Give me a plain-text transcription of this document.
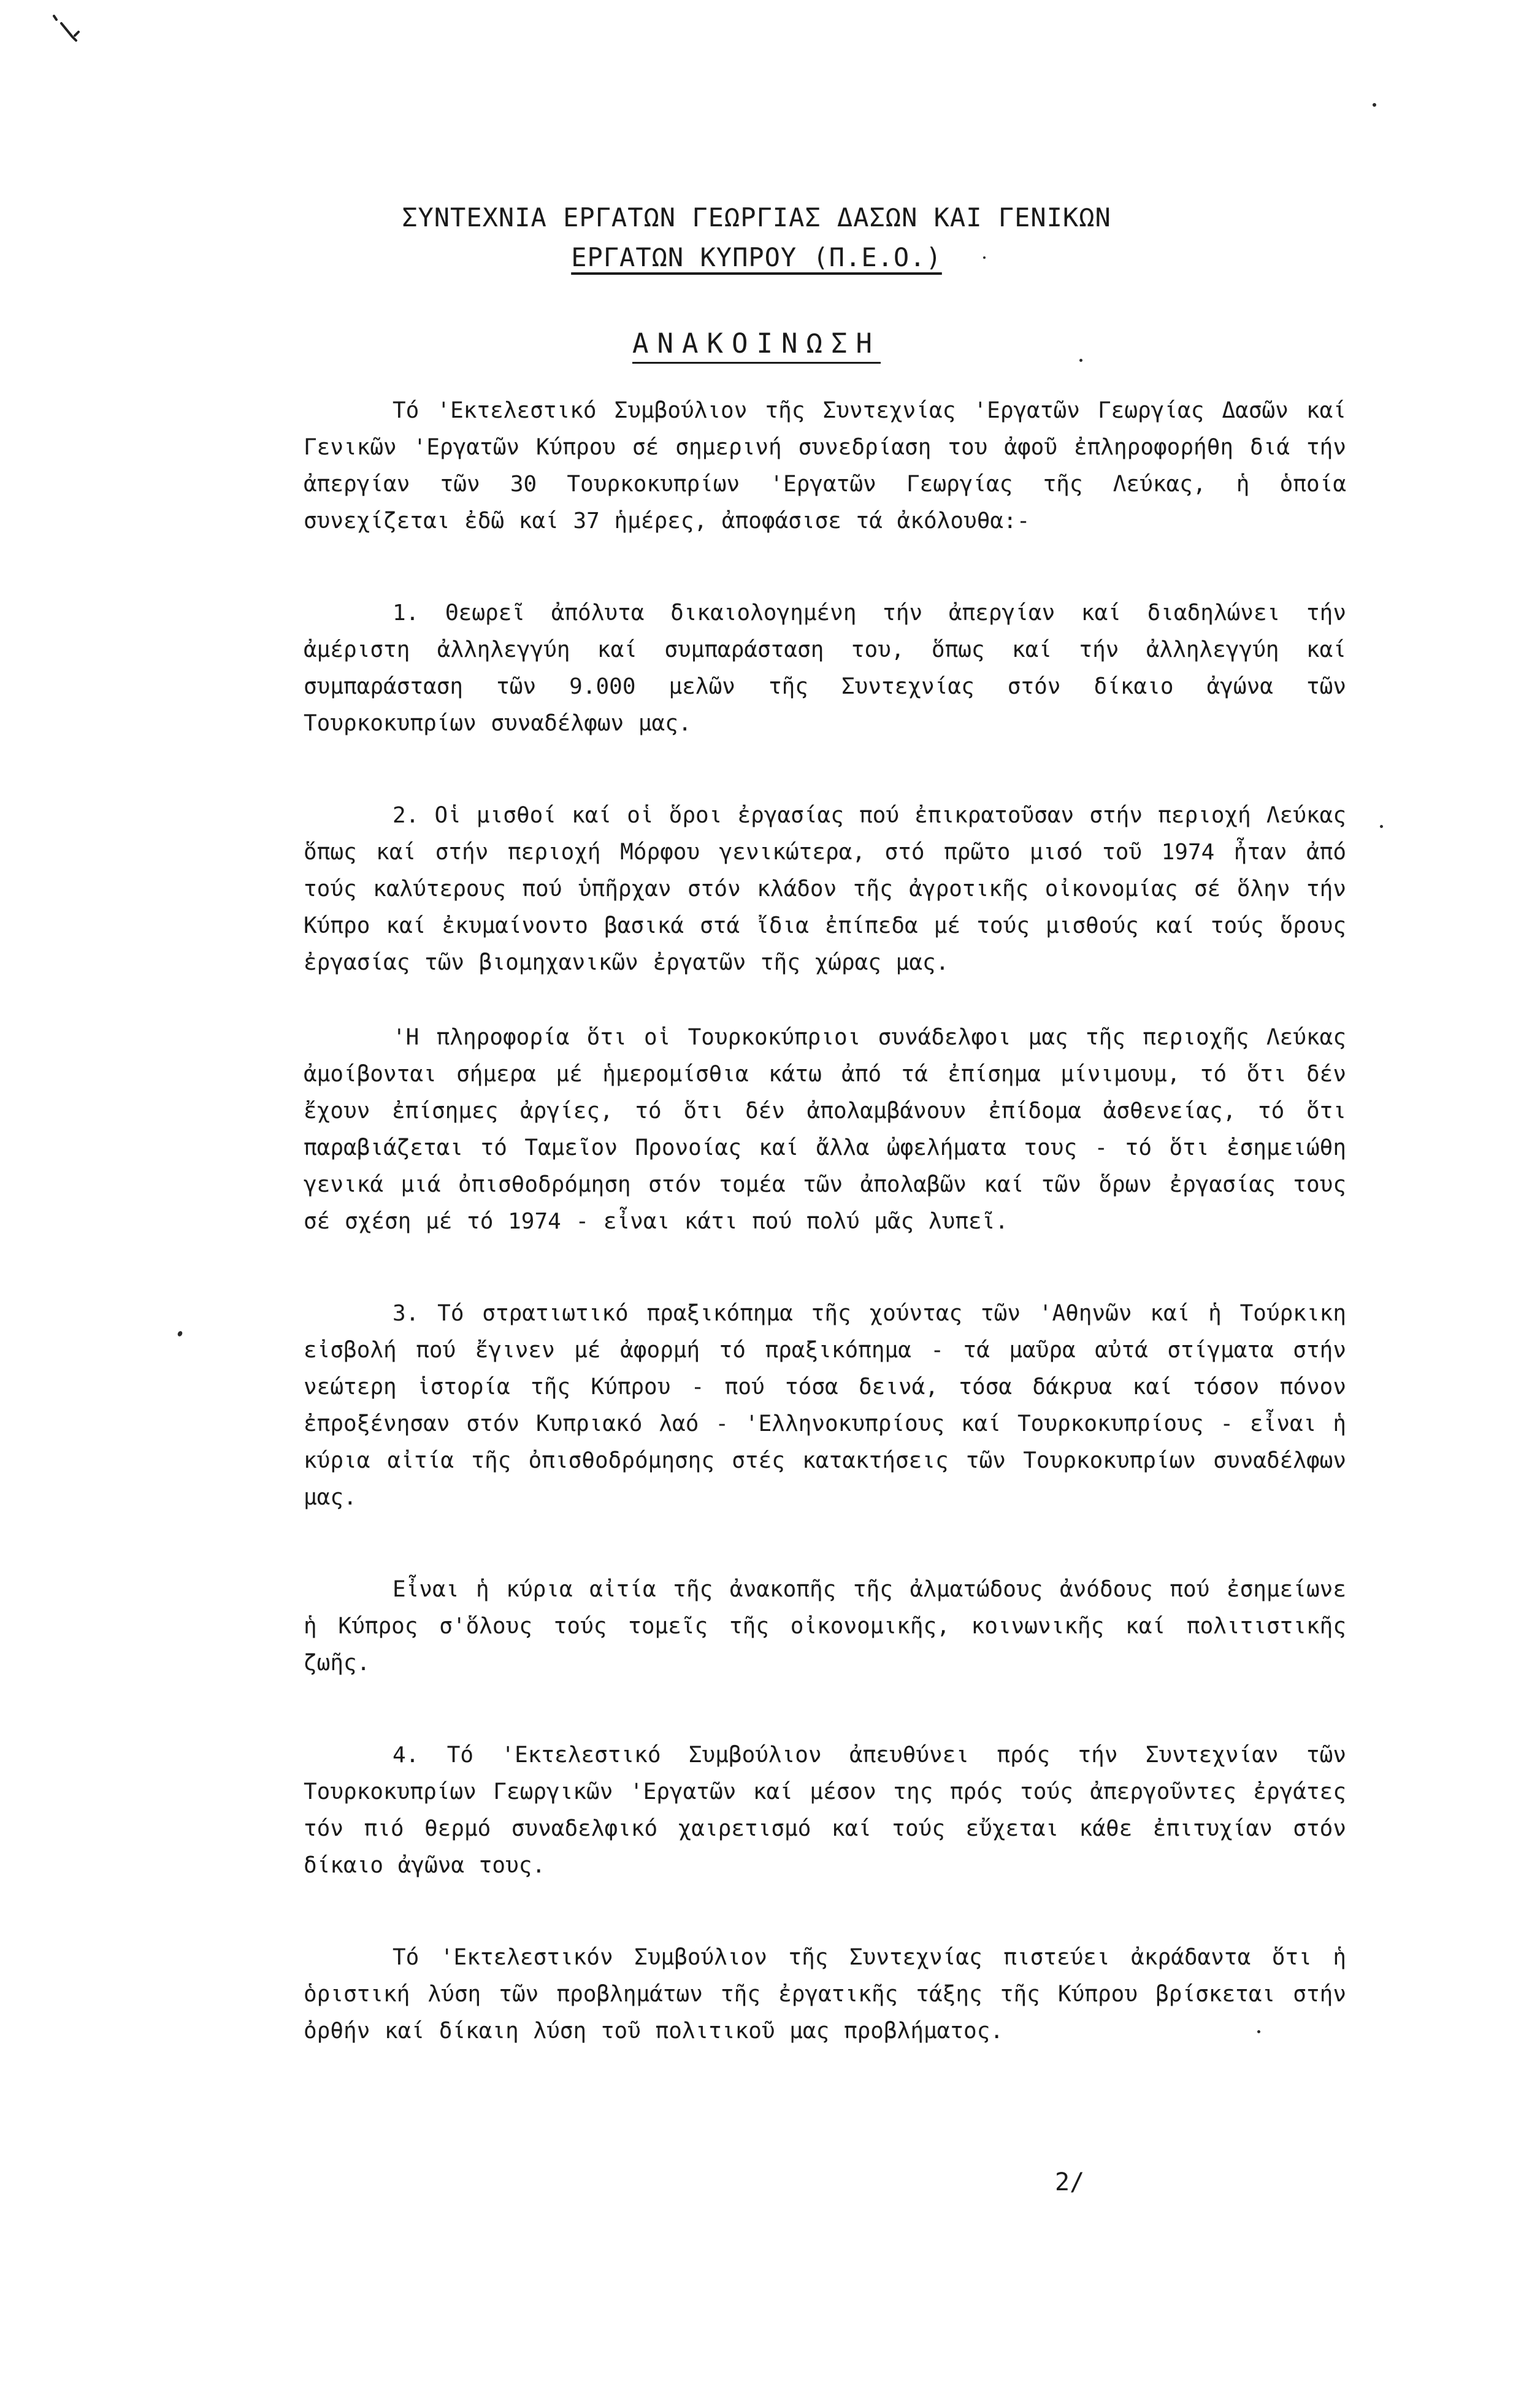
ΣΥΝΤΕΧΝΙΑ ΕΡΓΑΤΩΝ ΓΕΩΡΓΙΑΣ ΔΑΣΩΝ ΚΑΙ ΓΕΝΙΚΩΝ
ΕΡΓΑΤΩΝ ΚΥΠΡΟΥ (Π.Ε.Ο.)
ΑΝΑΚΟΙΝΩΣΗ

Τό 'Εκτελεστικό Συμβούλιον τῆς Συντεχνίας 'Εργατῶν Γεωργίας Δασῶν καί Γενικῶν 'Εργατῶν Κύπρου σέ σημερινή συνεδρίαση του ἀφοῦ ἐπληροφορήθη διά τήν ἀπεργίαν τῶν 30 Τουρκοκυπρίων 'Εργατῶν Γεωργίας τῆς Λεύκας, ἡ ὁποία συνεχίζεται ἐδῶ καί 37 ἡμέρες, ἀποφάσισε τά ἀκόλουθα:-

1. Θεωρεῖ ἀπόλυτα δικαιολογημένη τήν ἀπεργίαν καί διαδηλώνει τήν ἀμέριστη ἀλληλεγγύη καί συμπαράσταση του, ὅπως καί τήν ἀλληλεγγύη καί συμπαράσταση τῶν 9.000 μελῶν τῆς Συντεχνίας στόν δίκαιο ἀγώνα τῶν Τουρκοκυπρίων συναδέλφων μας.

2. Οἱ μισθοί καί οἱ ὅροι ἐργασίας πού ἐπικρατοῦσαν στήν περιοχή Λεύκας ὅπως καί στήν περιοχή Μόρφου γενικώτερα, στό πρῶτο μισό τοῦ 1974 ἦταν ἀπό τούς καλύτερους πού ὑπῆρχαν στόν κλάδον τῆς ἀγροτικῆς οἰκονομίας σέ ὅλην τήν Κύπρο καί ἐκυμαίνοντο βασικά στά ἴδια ἐπίπεδα μέ τούς μισθούς καί τούς ὅρους ἐργασίας τῶν βιομηχανικῶν ἐργατῶν τῆς χώρας μας.

'Η πληροφορία ὅτι οἱ Τουρκοκύπριοι συνάδελφοι μας τῆς περιοχῆς Λεύκας ἀμοίβονται σήμερα μέ ἡμερομίσθια κάτω ἀπό τά ἐπίσημα μίνιμουμ, τό ὅτι δέν ἔχουν ἐπίσημες ἀργίες, τό ὅτι δέν ἀπολαμβάνουν ἐπίδομα ἀσθενείας, τό ὅτι παραβιάζεται τό Ταμεῖον Προνοίας καί ἄλλα ὠφελήματα τους - τό ὅτι ἐσημειώθη γενικά μιά ὀπισθοδρόμηση στόν τομέα τῶν ἀπολαβῶν καί τῶν ὅρων ἐργασίας τους σέ σχέση μέ τό 1974 - εἶναι κάτι πού πολύ μᾶς λυπεῖ.

3. Τό στρατιωτικό πραξικόπημα τῆς χούντας τῶν 'Αθηνῶν καί ἡ Τούρκικη εἰσβολή πού ἔγινεν μέ ἀφορμή τό πραξικόπημα - τά μαῦρα αὐτά στίγματα στήν νεώτερη ἱστορία τῆς Κύπρου - πού τόσα δεινά, τόσα δάκρυα καί τόσον πόνον ἐπροξένησαν στόν Κυπριακό λαό - 'Ελληνοκυπρίους καί Τουρκοκυπρίους - εἶναι ἡ κύρια αἰτία τῆς ὀπισθοδρόμησης στές κατακτήσεις τῶν Τουρκοκυπρίων συναδέλφων μας.

Εἶναι ἡ κύρια αἰτία τῆς ἀνακοπῆς τῆς ἀλματώδους ἀνόδους πού ἐσημείωνε ἡ Κύπρος σ'ὅλους τούς τομεῖς τῆς οἰκονομικῆς, κοινωνικῆς καί πολιτιστικῆς ζωῆς.

4. Τό 'Εκτελεστικό Συμβούλιον ἀπευθύνει πρός τήν Συντεχνίαν τῶν Τουρκοκυπρίων Γεωργικῶν 'Εργατῶν καί μέσον της πρός τούς ἀπεργοῦντες ἐργάτες τόν πιό θερμό συναδελφικό χαιρετισμό καί τούς εὔχεται κάθε ἐπιτυχίαν στόν δίκαιο ἀγῶνα τους.

Τό 'Εκτελεστικόν Συμβούλιον τῆς Συντεχνίας πιστεύει ἀκράδαντα ὅτι ἡ ὁριστική λύση τῶν προβλημάτων τῆς ἐργατικῆς τάξης τῆς Κύπρου βρίσκεται στήν ὀρθήν καί δίκαιη λύση τοῦ πολιτικοῦ μας προβλήματος.

2/
